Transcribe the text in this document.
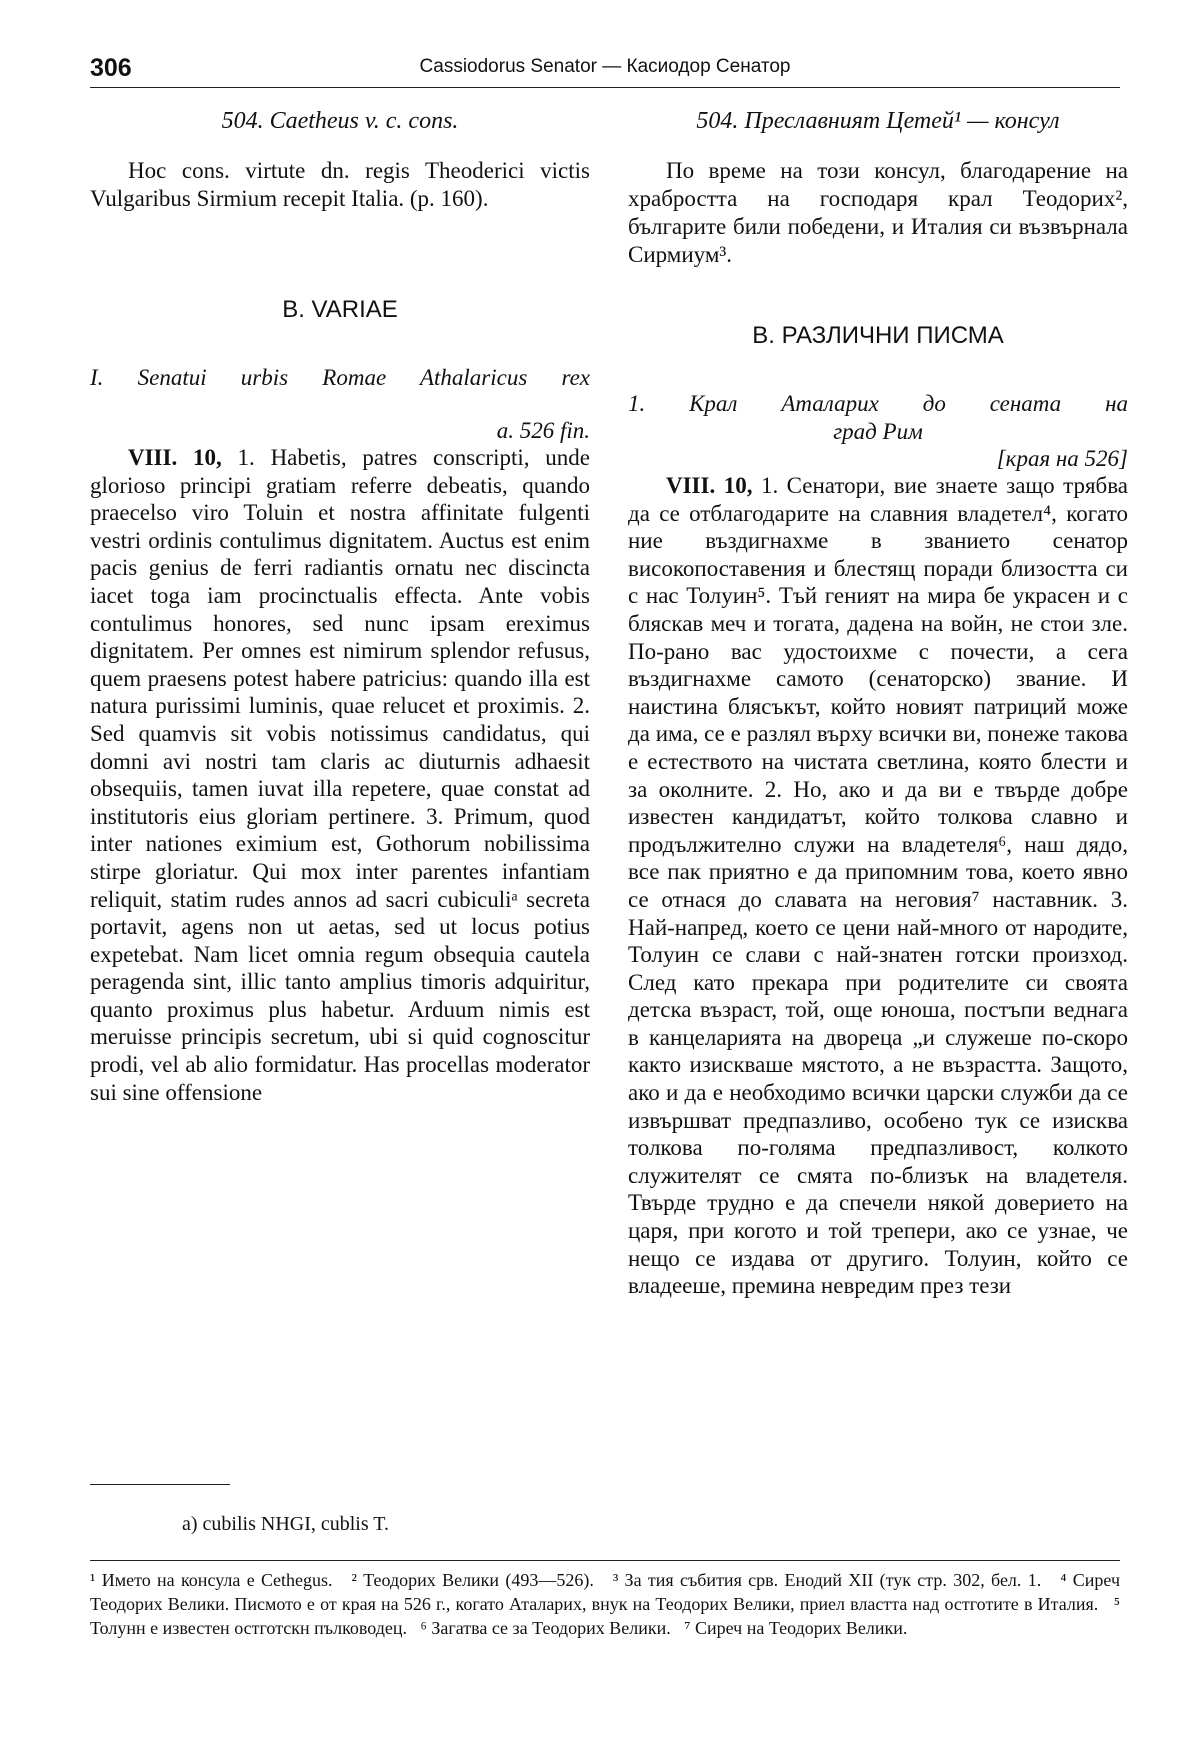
306	Cassiodorus Senator — Касиодор Сенатор

504. Caetheus v. c. cons.

Hoc cons. virtute dn. regis Theoderici victis Vulgaribus Sirmium recepit Italia. (p. 160).

B. VARIAE

I. Senatui urbis Romae Athalaricus rex

a. 526 fin.

VIII. 10, 1. Habetis, patres conscripti, unde glorioso principi gratiam referre debeatis, quando praecelso viro Toluin et nostra affinitate fulgenti vestri ordinis contulimus dignitatem. Auctus est enim pacis genius de ferri radiantis ornatu nec discincta iacet toga iam procinctualis effecta. Ante vobis contulimus honores, sed nunc ipsam ereximus dignitatem. Per omnes est nimirum splendor refusus, quem praesens potest habere patricius: quando illa est natura purissimi luminis, quae relucet et proximis. 2. Sed quamvis sit vobis notissimus candidatus, qui domni avi nostri tam claris ac diuturnis adhaesit obsequiis, tamen iuvat illa repetere, quae constat ad institutoris eius gloriam pertinere. 3. Primum, quod inter nationes eximium est, Gothorum nobilissima stirpe gloriatur. Qui mox inter parentes infantiam reliquit, statim rudes annos ad sacri cubiculiᵃ secreta portavit, agens non ut aetas, sed ut locus potius expetebat. Nam licet omnia regum obsequia cautela peragenda sint, illic tanto amplius timoris adquiritur, quanto proximus plus habetur. Arduum nimis est meruisse principis secretum, ubi si quid cognoscitur prodi, vel ab alio formidatur. Has procellas moderator sui sine offensione

504. Преславният Цетей¹ — консул

По време на този консул, благодарение на храбростта на господаря крал Теодорих², българите били победени, и Италия си възвърнала Сирмиум³.

В. РАЗЛИЧНИ ПИСМА

1. Крал Аталарих до сената на

град Рим

[края на 526]

VIII. 10, 1. Сенатори, вие знаете защо трябва да се отблагодарите на славния владетел⁴, когато ние въздигнахме в званието сенатор високопоставения и блестящ поради близостта си с нас Толуин⁵. Тъй геният на мира бе украсен и с бляскав меч и тогата, дадена на войн, не стои зле. По-рано вас удостоихме с почести, а сега въздигнахме самото (сенаторско) звание. И наистина блясъкът, който новият патриций може да има, се е разлял върху всички ви, понеже такова е естеството на чистата светлина, която блести и за околните. 2. Но, ако и да ви е твърде добре известен кандидатът, който толкова славно и продължително служи на владетеля⁶, наш дядо, все пак приятно е да припомним това, което явно се отнася до славата на неговия⁷ наставник. 3. Най-напред, което се цени най-много от народите, Толуин се слави с най-знатен готски произход. След като прекара при родителите си своята детска възраст, той, още юноша, постъпи веднага в канцеларията на двореца „и служеше по-скоро както изискваше мястото, а не възрастта. Защото, ако и да е необходимо всички царски служби да се извършват предпазливо, особено тук се изисква толкова по-голяма предпазливост, колкото служителят се смята по-близък на владетеля. Твърде трудно е да спечели някой доверието на царя, при когото и той трепери, ако се узнае, че нещо се издава от другиго. Толуин, който се владееше, премина невредим през тези

a) cubilis NHGI, cublis T.
¹ Името на консула е Cethegus. ² Теодорих Велики (493—526). ³ За тия събития срв. Енодий XII (тук стр. 302, бел. 1. ⁴ Сиреч Теодорих Велики. Писмото е от края на 526 г., когато Аталарих, внук на Теодорих Велики, приел властта над остготите в Италия. ⁵ Толунн е известен остготскн пълководец. ⁶ Загатва се за Теодорих Велики. ⁷ Сиреч на Теодорих Велики.
